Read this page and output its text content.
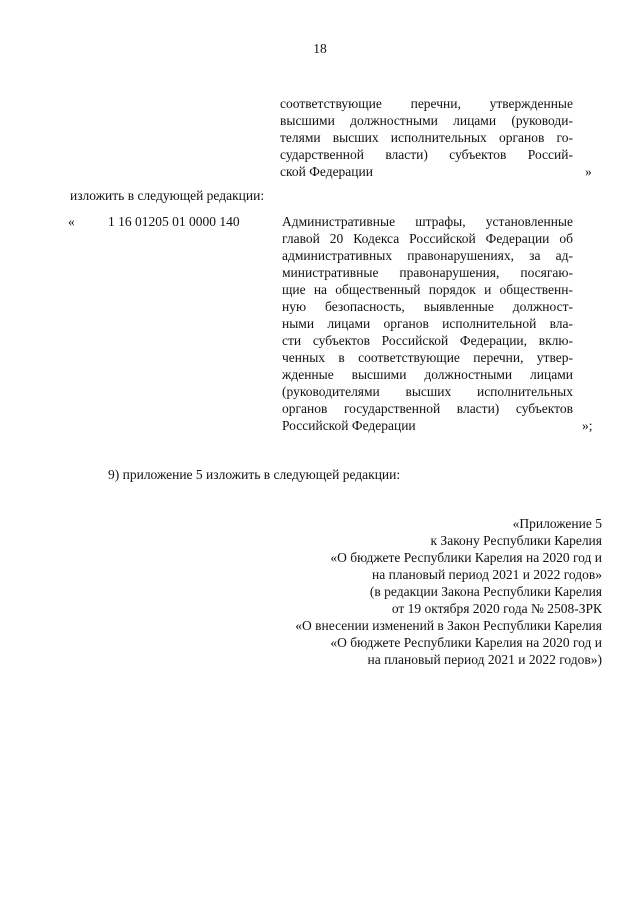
18
соответствующие перечни, утвержденные
высшими должностными лицами (руководи-
телями высших исполнительных органов го-
сударственной власти) субъектов Россий-
ской Федерации	»
изложить в следующей редакции:
« 1 16 01205 01 0000 140	Административные штрафы, установленные
главой 20 Кодекса Российской Федерации об
административных правонарушениях, за ад-
министративные правонарушения, посягаю-
щие на общественный порядок и общественн-
ную безопасность, выявленные должност-
ными лицами органов исполнительной вла-
сти субъектов Российской Федерации, вклю-
ченных в соответствующие перечни, утвер-
жденные высшими должностными лицами
(руководителями высших исполнительных
органов государственной власти) субъектов
Российской Федерации	»;
9) приложение 5 изложить в следующей редакции:
«Приложение 5
к Закону Республики Карелия
«О бюджете Республики Карелия на 2020 год и
на плановый период 2021 и 2022 годов»
(в редакции Закона Республики Карелия
от 19 октября 2020 года № 2508-ЗРК
«О внесении изменений в Закон Республики Карелия
«О бюджете Республики Карелия на 2020 год и
на плановый период 2021 и 2022 годов»)
